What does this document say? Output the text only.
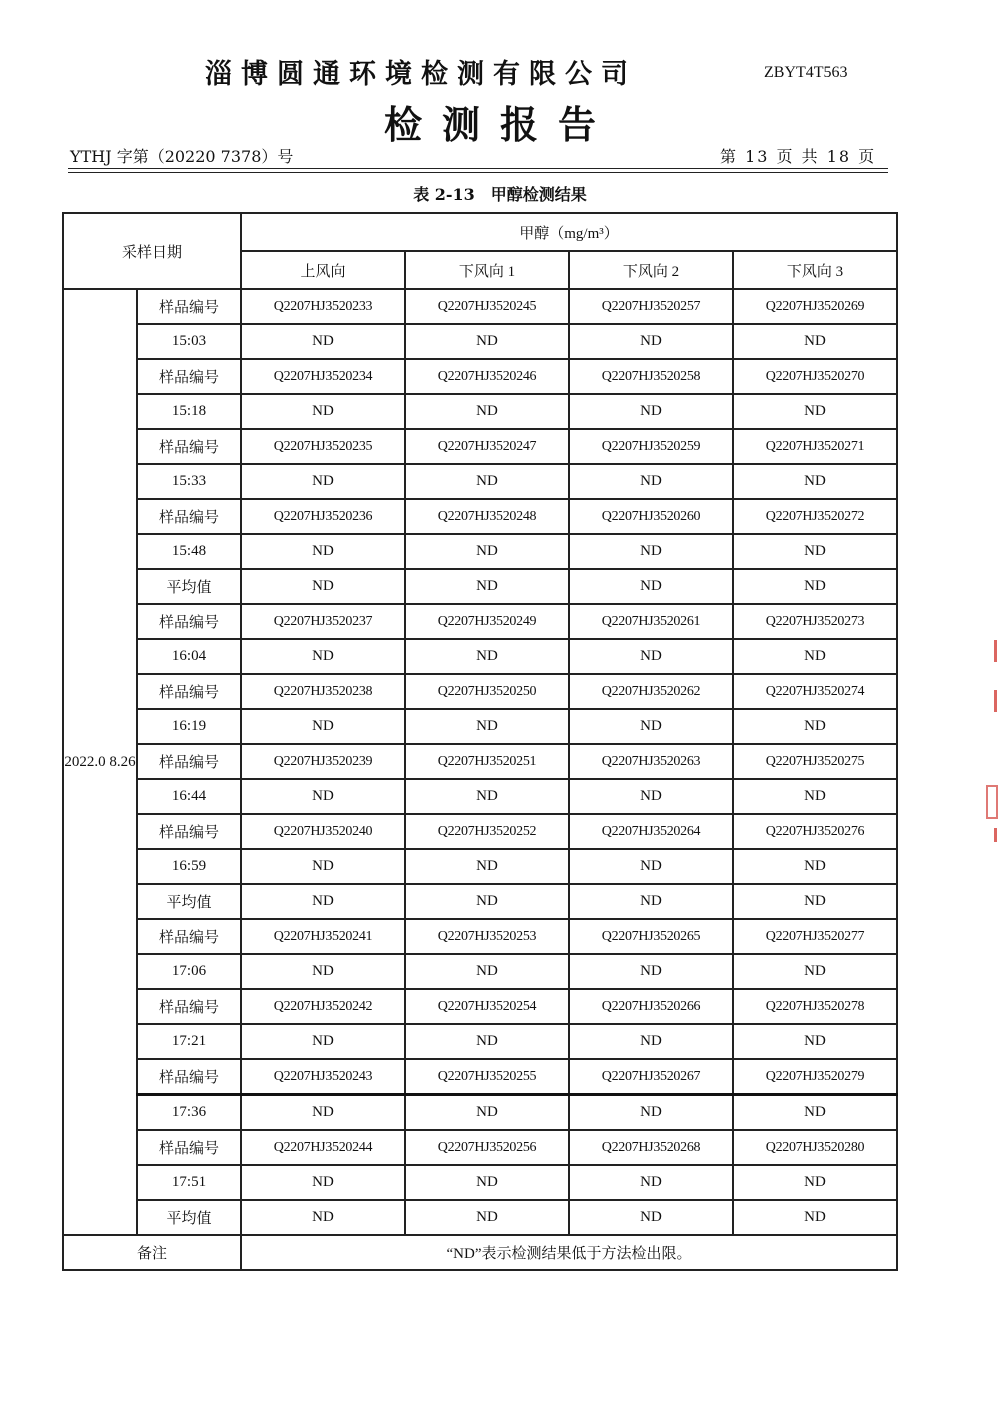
淄博圆通环境检测有限公司	ZBYT4T563
检测报告
YTHJ 字第（20220 7378）号	第 13 页 共 18 页
表 2-13　甲醇检测结果
采样日期		甲醇（mg/m³）			
		上风向	下风向 1	下风向 2	下风向 3
2022.0 8.26	样品编号	Q2207HJ3520233	Q2207HJ3520245	Q2207HJ3520257	Q2207HJ3520269
	15:03	ND	ND	ND	ND
	样品编号	Q2207HJ3520234	Q2207HJ3520246	Q2207HJ3520258	Q2207HJ3520270
	15:18	ND	ND	ND	ND
	样品编号	Q2207HJ3520235	Q2207HJ3520247	Q2207HJ3520259	Q2207HJ3520271
	15:33	ND	ND	ND	ND
	样品编号	Q2207HJ3520236	Q2207HJ3520248	Q2207HJ3520260	Q2207HJ3520272
	15:48	ND	ND	ND	ND
	平均值	ND	ND	ND	ND
	样品编号	Q2207HJ3520237	Q2207HJ3520249	Q2207HJ3520261	Q2207HJ3520273
	16:04	ND	ND	ND	ND
	样品编号	Q2207HJ3520238	Q2207HJ3520250	Q2207HJ3520262	Q2207HJ3520274
	16:19	ND	ND	ND	ND
	样品编号	Q2207HJ3520239	Q2207HJ3520251	Q2207HJ3520263	Q2207HJ3520275
	16:44	ND	ND	ND	ND
	样品编号	Q2207HJ3520240	Q2207HJ3520252	Q2207HJ3520264	Q2207HJ3520276
	16:59	ND	ND	ND	ND
	平均值	ND	ND	ND	ND
	样品编号	Q2207HJ3520241	Q2207HJ3520253	Q2207HJ3520265	Q2207HJ3520277
	17:06	ND	ND	ND	ND
	样品编号	Q2207HJ3520242	Q2207HJ3520254	Q2207HJ3520266	Q2207HJ3520278
	17:21	ND	ND	ND	ND
	样品编号	Q2207HJ3520243	Q2207HJ3520255	Q2207HJ3520267	Q2207HJ3520279
	17:36	ND	ND	ND	ND
	样品编号	Q2207HJ3520244	Q2207HJ3520256	Q2207HJ3520268	Q2207HJ3520280
	17:51	ND	ND	ND	ND
	平均值	ND	ND	ND	ND
备注		“ND”表示检测结果低于方法检出限。			
